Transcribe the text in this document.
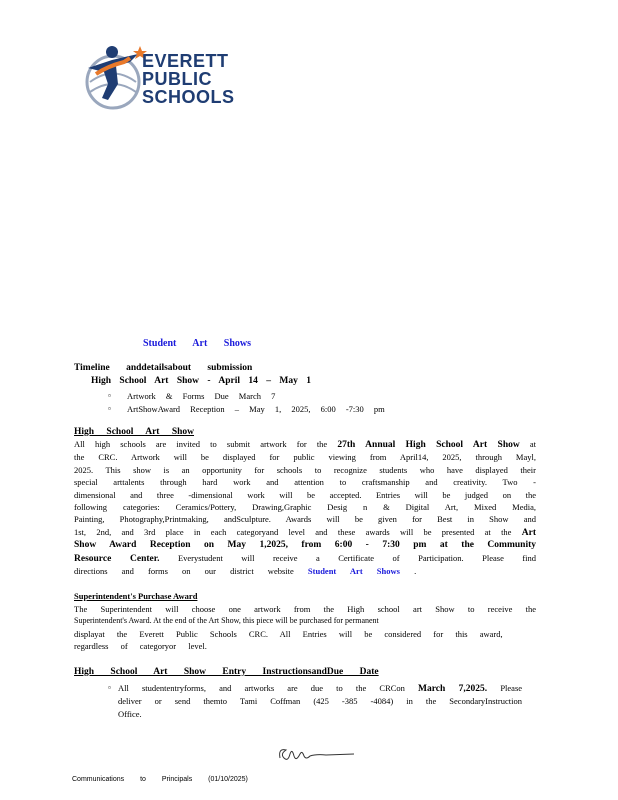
EVERETT
PUBLIC
SCHOOLS
Student Art Shows
Timeline anddetailsabout submission
High School Art Show - April 14 – May 1
▫ Artwork & Forms Due March 7
▫ ArtShowAward Reception – May 1, 2025, 6:00 -7:30 pm
High School Art Show
All high schools are invited to submit artwork for the 27th Annual High School Art Show at
the CRC. Artwork will be displayed for public viewing from April14, 2025, through Mayl,
2025. This show is an opportunity for schools to recognize students who have displayed their
special arttalents through hard work and attention to craftsmanship and creativity. Two -
dimensional and three -dimensional work will be accepted. Entries will be judged on the
following categories: Ceramics/Pottery, Drawing,Graphic Desig n & Digital Art, Mixed Media,
Painting, Photography,Printmaking, andSculpture. Awards will be given for Best in Show and
1st, 2nd, and 3rd place in each categoryand level and these awards will be presented at the Art
Show Award Reception on May 1,2025, from 6:00 - 7:30 pm at the Community
Resource Center. Everystudent will receive a Certificate of Participation. Please find
directions and forms on our district website Student Art Shows .
Superintendent's Purchase Award
The Superintendent will choose one artwork from the High school art Show to receive the
Superintendent's Award. At the end of the Art Show, this piece will be purchased for permanent
displayat the Everett Public Schools CRC. All Entries will be considered for this award,
regardless of categoryor level.
High School Art Show Entry InstructionsandDue Date
▫ All studententryforms, and artworks are due to the CRCon March 7,2025. Please
deliver or send themto Tami Coffman (425 -385 -4084) in the SecondaryInstruction
Office.
Communications to Principals (01/10/2025)
